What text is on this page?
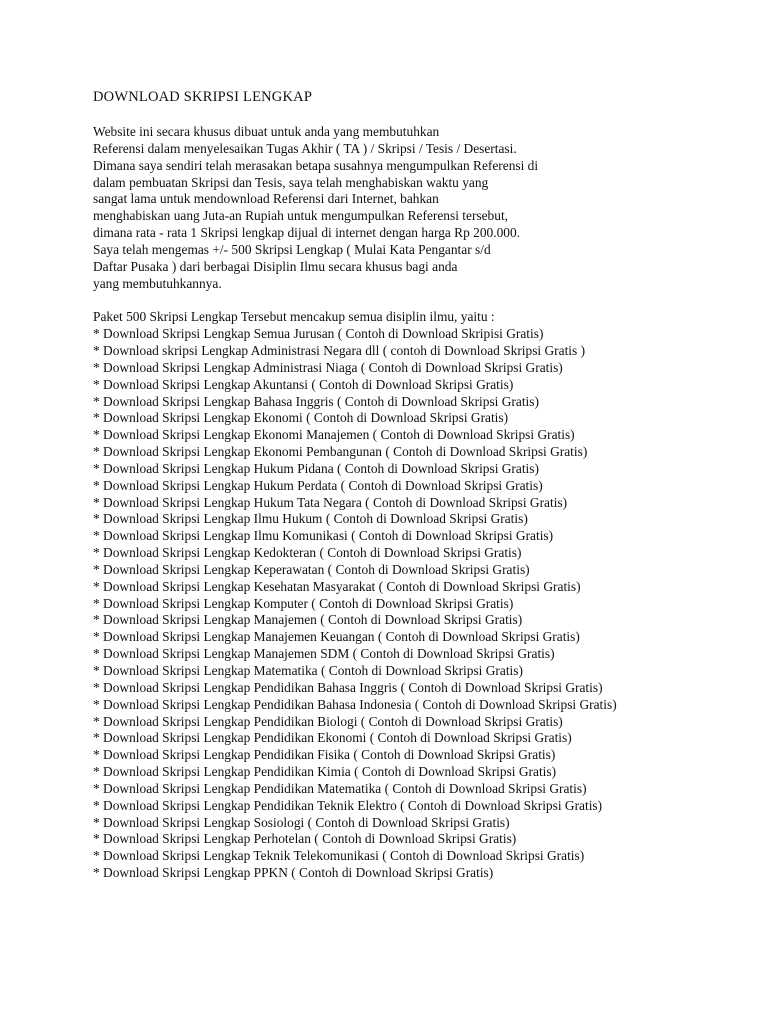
DOWNLOAD SKRIPSI LENGKAP
Website ini secara khusus dibuat untuk anda yang membutuhkan
Referensi dalam menyelesaikan Tugas Akhir ( TA ) / Skripsi / Tesis / Desertasi.
Dimana saya sendiri telah merasakan betapa susahnya mengumpulkan Referensi di
dalam pembuatan Skripsi dan Tesis, saya telah menghabiskan waktu yang
sangat lama untuk mendownload Referensi dari Internet, bahkan
menghabiskan uang Juta-an Rupiah untuk mengumpulkan Referensi tersebut,
dimana rata - rata 1 Skripsi lengkap dijual di internet dengan harga Rp 200.000.
Saya telah mengemas +/- 500 Skripsi Lengkap ( Mulai Kata Pengantar s/d
Daftar Pusaka ) dari berbagai Disiplin Ilmu secara khusus bagi anda
yang membutuhkannya.
Paket 500 Skripsi Lengkap Tersebut mencakup semua disiplin ilmu, yaitu :
* Download Skripsi Lengkap Semua Jurusan ( Contoh di Download Skripisi Gratis)
* Download skripsi Lengkap Administrasi Negara dll ( contoh di Download Skripsi Gratis )
* Download Skripsi Lengkap Administrasi Niaga ( Contoh di Download Skripsi Gratis)
* Download Skripsi Lengkap Akuntansi ( Contoh di Download Skripsi Gratis)
* Download Skripsi Lengkap Bahasa Inggris ( Contoh di Download Skripsi Gratis)
* Download Skripsi Lengkap Ekonomi ( Contoh di Download Skripsi Gratis)
* Download Skripsi Lengkap Ekonomi Manajemen ( Contoh di Download Skripsi Gratis)
* Download Skripsi Lengkap Ekonomi Pembangunan ( Contoh di Download Skripsi Gratis)
* Download Skripsi Lengkap Hukum Pidana ( Contoh di Download Skripsi Gratis)
* Download Skripsi Lengkap Hukum Perdata ( Contoh di Download Skripsi Gratis)
* Download Skripsi Lengkap Hukum Tata Negara ( Contoh di Download Skripsi Gratis)
* Download Skripsi Lengkap Ilmu Hukum ( Contoh di Download Skripsi Gratis)
* Download Skripsi Lengkap Ilmu Komunikasi ( Contoh di Download Skripsi Gratis)
* Download Skripsi Lengkap Kedokteran ( Contoh di Download Skripsi Gratis)
* Download Skripsi Lengkap Keperawatan ( Contoh di Download Skripsi Gratis)
* Download Skripsi Lengkap Kesehatan Masyarakat ( Contoh di Download Skripsi Gratis)
* Download Skripsi Lengkap Komputer ( Contoh di Download Skripsi Gratis)
* Download Skripsi Lengkap Manajemen ( Contoh di Download Skripsi Gratis)
* Download Skripsi Lengkap Manajemen Keuangan ( Contoh di Download Skripsi Gratis)
* Download Skripsi Lengkap Manajemen SDM ( Contoh di Download Skripsi Gratis)
* Download Skripsi Lengkap Matematika ( Contoh di Download Skripsi Gratis)
* Download Skripsi Lengkap Pendidikan Bahasa Inggris ( Contoh di Download Skripsi Gratis)
* Download Skripsi Lengkap Pendidikan Bahasa Indonesia ( Contoh di Download Skripsi Gratis)
* Download Skripsi Lengkap Pendidikan Biologi ( Contoh di Download Skripsi Gratis)
* Download Skripsi Lengkap Pendidikan Ekonomi ( Contoh di Download Skripsi Gratis)
* Download Skripsi Lengkap Pendidikan Fisika ( Contoh di Download Skripsi Gratis)
* Download Skripsi Lengkap Pendidikan Kimia ( Contoh di Download Skripsi Gratis)
* Download Skripsi Lengkap Pendidikan Matematika ( Contoh di Download Skripsi Gratis)
* Download Skripsi Lengkap Pendidikan Teknik Elektro ( Contoh di Download Skripsi Gratis)
* Download Skripsi Lengkap Sosiologi ( Contoh di Download Skripsi Gratis)
* Download Skripsi Lengkap Perhotelan ( Contoh di Download Skripsi Gratis)
* Download Skripsi Lengkap Teknik Telekomunikasi ( Contoh di Download Skripsi Gratis)
* Download Skripsi Lengkap PPKN ( Contoh di Download Skripsi Gratis)
